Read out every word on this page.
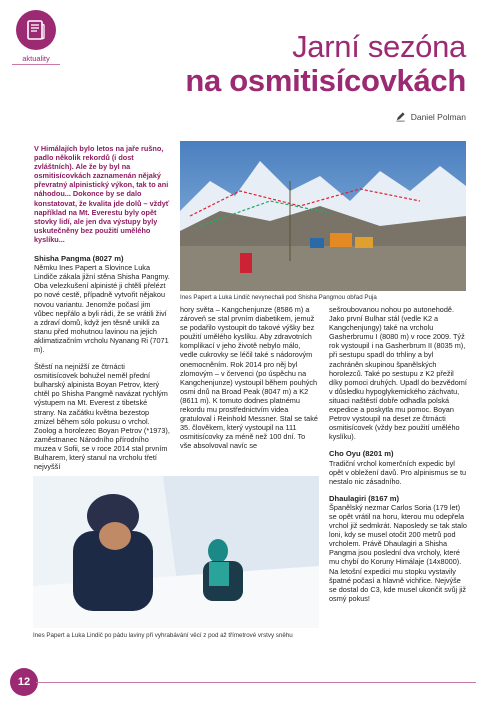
aktuality	Jarní sezóna
na osmitisícovkách
Daniel Polman

V Himálajích bylo letos na jaře rušno, padlo několik rekordů (i dost zvláštních). Ale že by byl na osmitisícovkách zaznamenán nějaký převratný alpinistický výkon, tak to ani náhodou... Dokonce by se dalo konstatovat, že kvalita jde dolů – vždyť například na Mt. Everestu byly opět stovky lidí, ale jen dva výstupy byly uskutečněny bez použití umělého kyslíku...

Shisha Pangma (8027 m)

Němku Ines Papert a Slovince Luka Lindiče zákala jižní stěna Shisha Pangmy. Oba velezkušení alpinisté ji chtěli přelézt po nové cestě, případně vytvořit nějakou novou variantu. Jenomže počasí jim vůbec nepřálo a byli rádi, že se vrátili živí a zdraví domů, když jen těsně unikli za stanu před mohutnou lavinou na jejich aklimatizačním vrcholu Nyanang Ri (7071 m).

Štěstí na nejnižší ze čtrnácti osmitisícovek bohužel neměl přední bulharský alpinista Boyan Petrov, který chtěl po Shisha Pangmě navázat rychlým výstupem na Mt. Everest z tibetské strany. Na začátku května bezestop zmizel během sólo pokusu o vrchol. Zoolog a horolezec Boyan Petrov (*1973), zaměstnanec Národního přírodního muzea v Sofii, se v roce 2014 stal prvním Bulharem, který stanul na vrcholu třetí nejvyšší

Ines Papert a Luka Lindič nevynechali pod Shisha Pangmou obřad Puja

hory světa – Kangchenjunze (8586 m) a zároveň se stal prvním diabetikem, jemuž se podařilo vystoupit do takové výšky bez použití umělého kyslíku. Aby zdravotních komplikací v jeho životě nebylo málo, vedle cukrovky se léčil také s nádorovým onemocněním. Rok 2014 pro něj byl zlomovým – v červenci (po úspěchu na Kangchenjunze) vystoupil během pouhých osmi dnů na Broad Peak (8047 m) a K2 (8611 m). K tomuto dodnes platnému rekordu mu prostřednictvím videa gratuloval i Reinhold Messner. Stal se také 35. člověkem, který vystoupil na 111 osmitisícovky za méně než 100 dní. To vše absolvoval navíc se

sešroubovanou nohou po autonehodě. Jako první Bulhar stál (vedle K2 a Kangchenjungy) také na vrcholu Gasherbrumu I (8080 m) v roce 2009. Týž rok vystoupil i na Gasherbrum II (8035 m), při sestupu spadl do trhliny a byl zachráněn skupinou španělských horolezců. Také po sestupu z K2 přežil díky pomoci druhých. Upadl do bezvědomí v důsledku hypoglykemického záchvatu, situaci naštěstí dobře odhadla polská expedice a poskytla mu pomoc. Boyan Petrov vystoupil na deset ze čtrnácti osmitisícovek (vždy bez použití umělého kyslíku).

Cho Oyu (8201 m)

Tradiční vrchol komerčních expedic byl opět v obležení davů. Pro alpinismus se tu nestalo nic zásadního.

Dhaulagiri (8167 m)

Španělský nezmar Carlos Soria (179 let) se opět vrátil na horu, kterou mu odepřela vrchol již sedmkrát. Naposledy se tak stalo loni, kdy se musel otočit 200 metrů pod vrcholem. Právě Dhaulagiri a Shisha Pangma jsou poslední dva vrcholy, které mu chybí do Koruny Himálaje (14x8000). Na letošní expedici mu stopku vystavily špatné počasí a hlavně vichřice. Nejvýše se dostal do C3, kde musel ukončit svůj již osmý pokus!

Ines Papert a Luka Lindič po pádu laviny při vyhrabávání věcí z pod až třímetrové vrstvy sněhu
12
